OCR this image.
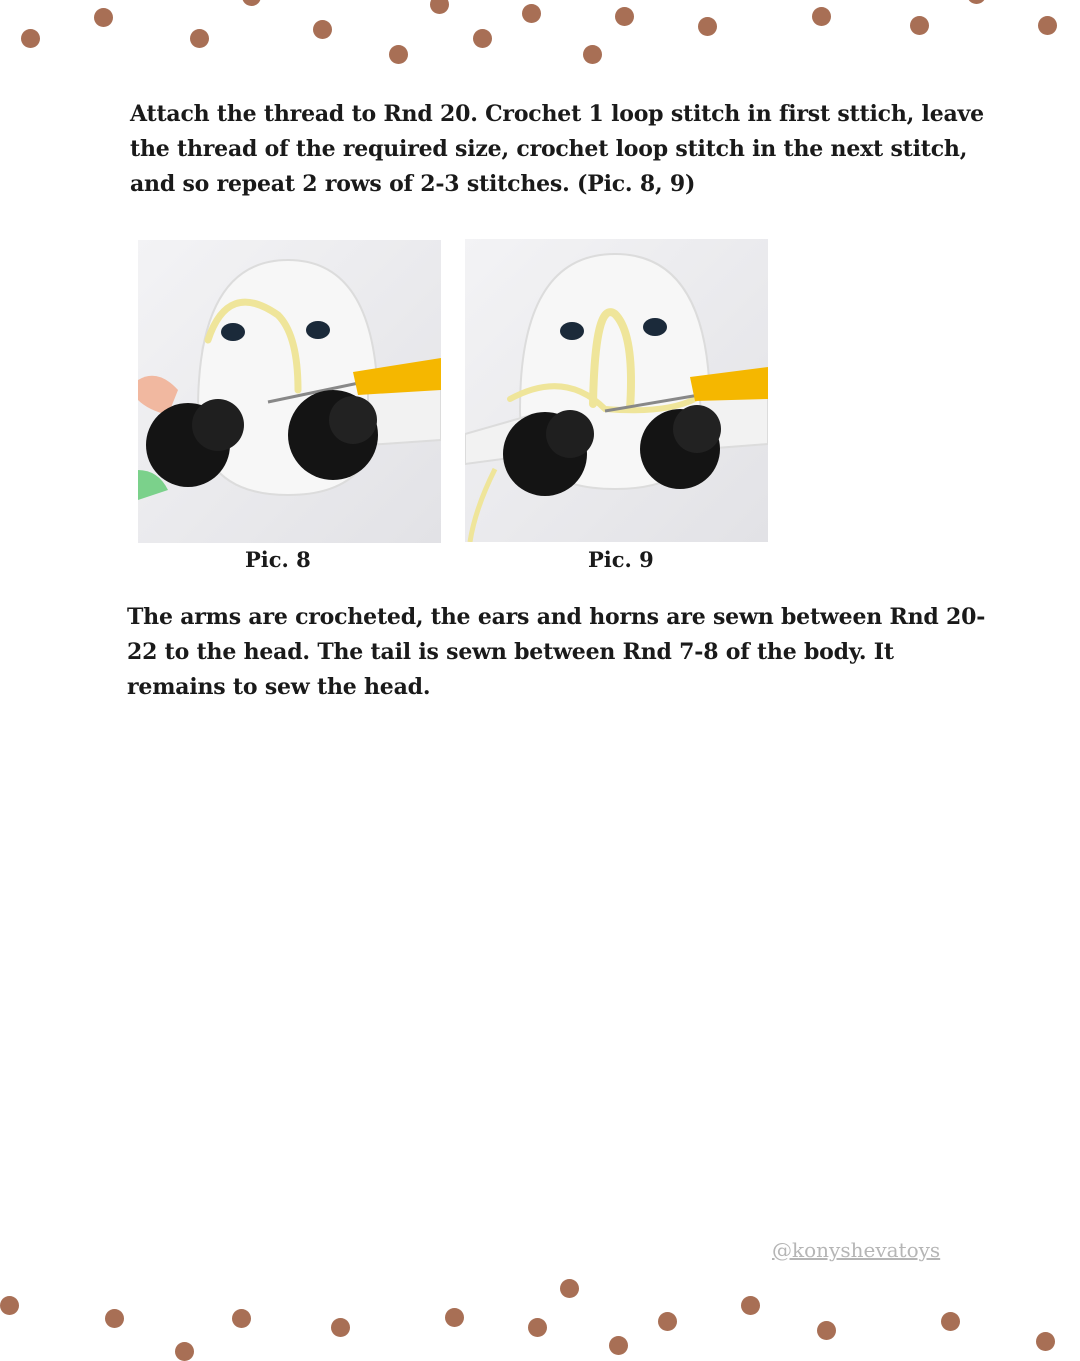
Attach the thread to Rnd 20. Crochet 1 loop stitch in first sttich, leave the thread of the required size, crochet loop stitch in the next stitch, and so repeat 2 rows of 2-3 stitches. (Pic. 8, 9)

Pic. 8	Pic. 9

The arms are crocheted, the ears and horns are sewn between Rnd 20-22 to the head. The tail is sewn between Rnd 7-8 of the body. It remains to sew the head.

@konyshevatoys
